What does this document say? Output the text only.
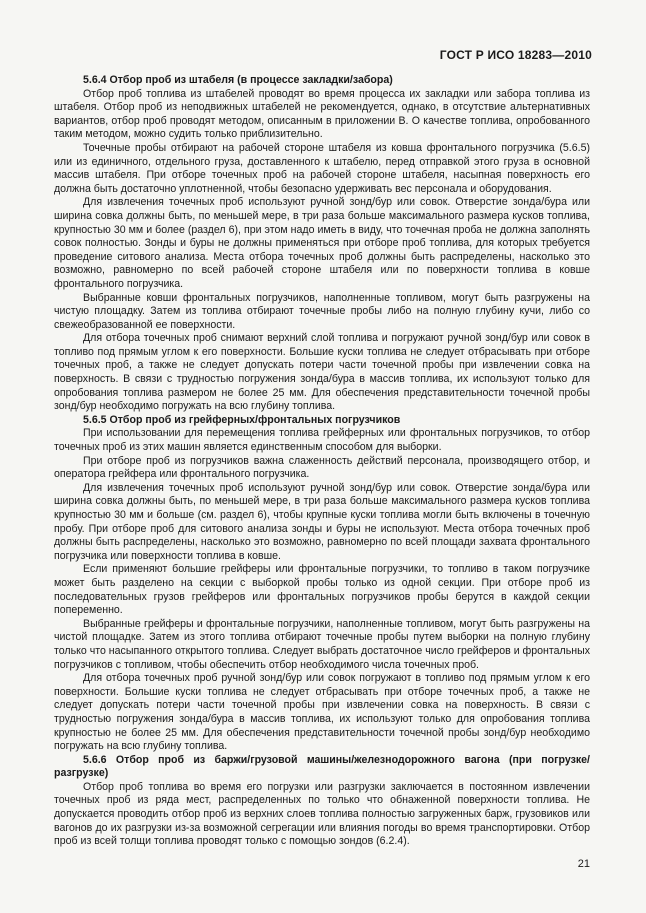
ГОСТ Р ИСО 18283—2010
5.6.4 Отбор проб из штабеля (в процессе закладки/забора)

Отбор проб топлива из штабелей проводят во время процесса их закладки или забора топлива из штабеля. Отбор проб из неподвижных штабелей не рекомендуется, однако, в отсутствие альтернативных вариантов, отбор проб проводят методом, описанным в приложении В. О качестве топлива, опробованного таким методом, можно судить только приблизительно.

Точечные пробы отбирают на рабочей стороне штабеля из ковша фронтального погрузчика (5.6.5) или из единичного, отдельного груза, доставленного к штабелю, перед отправкой этого груза в основной массив штабеля. При отборе точечных проб на рабочей стороне штабеля, насыпная поверхность его должна быть достаточно уплотненной, чтобы безопасно удерживать вес персонала и оборудования.

Для извлечения точечных проб используют ручной зонд/бур или совок. Отверстие зонда/бура или ширина совка должны быть, по меньшей мере, в три раза больше максимального размера кусков топлива, крупностью 30 мм и более (раздел 6), при этом надо иметь в виду, что точечная проба не должна заполнять совок полностью. Зонды и буры не должны применяться при отборе проб топлива, для которых требуется проведение ситового анализа. Места отбора точечных проб должны быть распределены, насколько это возможно, равномерно по всей рабочей стороне штабеля или по поверхности топлива в ковше фронтального погрузчика.

Выбранные ковши фронтальных погрузчиков, наполненные топливом, могут быть разгружены на чистую площадку. Затем из топлива отбирают точечные пробы либо на полную глубину кучи, либо со свежеобразованной ее поверхности.

Для отбора точечных проб снимают верхний слой топлива и погружают ручной зонд/бур или совок в топливо под прямым углом к его поверхности. Большие куски топлива не следует отбрасывать при отборе точечных проб, а также не следует допускать потери части точечной пробы при извлечении совка на поверхность. В связи с трудностью погружения зонда/бура в массив топлива, их используют только для опробования топлива размером не более 25 мм. Для обеспечения представительности точечной пробы зонд/бур необходимо погружать на всю глубину топлива.

5.6.5 Отбор проб из грейферных/фронтальных погрузчиков

При использовании для перемещения топлива грейферных или фронтальных погрузчиков, то отбор точечных проб из этих машин является единственным способом для выборки.

При отборе проб из погрузчиков важна слаженность действий персонала, производящего отбор, и оператора грейфера или фронтального погрузчика.

Для извлечения точечных проб используют ручной зонд/бур или совок. Отверстие зонда/бура или ширина совка должны быть, по меньшей мере, в три раза больше максимального размера кусков топлива крупностью 30 мм и больше (см. раздел 6), чтобы крупные куски топлива могли быть включены в точечную пробу. При отборе проб для ситового анализа зонды и буры не используют. Места отбора точечных проб должны быть распределены, насколько это возможно, равномерно по всей площади захвата фронтального погрузчика или поверхности топлива в ковше.

Если применяют большие грейферы или фронтальные погрузчики, то топливо в таком погрузчике может быть разделено на секции с выборкой пробы только из одной секции. При отборе проб из последовательных грузов грейферов или фронтальных погрузчиков пробы берутся в каждой секции попеременно.

Выбранные грейферы и фронтальные погрузчики, наполненные топливом, могут быть разгружены на чистой площадке. Затем из этого топлива отбирают точечные пробы путем выборки на полную глубину только что насыпанного открытого топлива. Следует выбрать достаточное число грейферов и фронтальных погрузчиков с топливом, чтобы обеспечить отбор необходимого числа точечных проб.

Для отбора точечных проб ручной зонд/бур или совок погружают в топливо под прямым углом к его поверхности. Большие куски топлива не следует отбрасывать при отборе точечных проб, а также не следует допускать потери части точечной пробы при извлечении совка на поверхность. В связи с трудностью погружения зонда/бура в массив топлива, их используют только для опробования топлива крупностью не более 25 мм. Для обеспечения представительности точечной пробы зонд/бур необходимо погружать на всю глубину топлива.

5.6.6 Отбор проб из баржи/грузовой машины/железнодорожного вагона (при погрузке/разгрузке)

Отбор проб топлива во время его погрузки или разгрузки заключается в постоянном извлечении точечных проб из ряда мест, распределенных по только что обнаженной поверхности топлива. Не допускается проводить отбор проб из верхних слоев топлива полностью загруженных барж, грузовиков или вагонов до их разгрузки из-за возможной сегрегации или влияния погоды во время транспортировки. Отбор проб из всей толщи топлива проводят только с помощью зондов (6.2.4).

21
